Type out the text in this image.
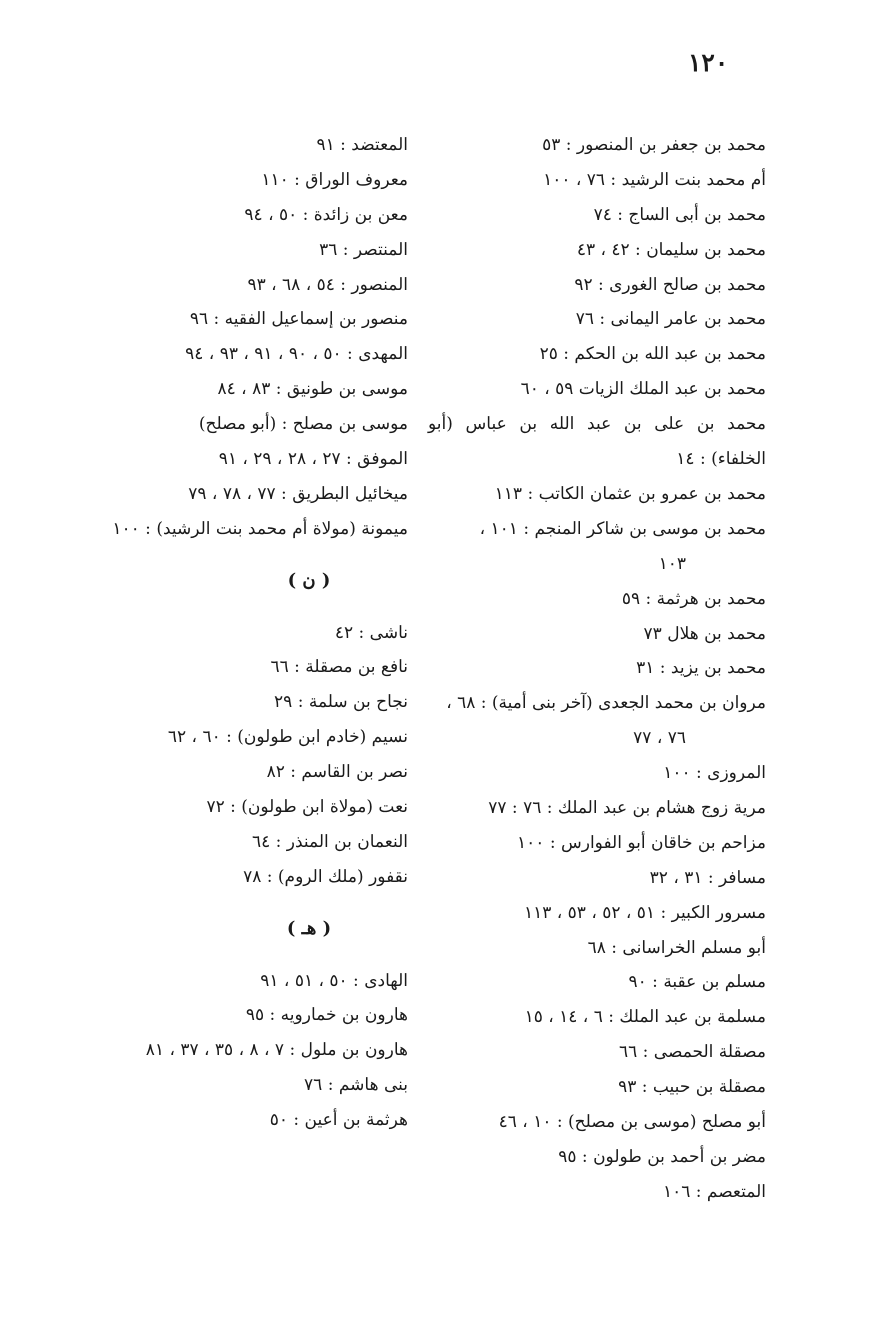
١٢٠

محمد بن جعفر بن المنصور : ٥٣

أم محمد بنت الرشيد : ٧٦ ، ١٠٠

محمد بن أبى الساج : ٧٤

محمد بن سليمان : ٤٢ ، ٤٣

محمد بن صالح الغورى : ٩٢

محمد بن عامر اليمانى : ٧٦

محمد بن عبد الله بن الحكم : ٢٥

محمد بن عبد الملك الزيات ٥٩ ، ٦٠

محمد بن على بن عبد الله بن عباس (أبو الخلفاء) : ١٤

محمد بن عمرو بن عثمان الكاتب : ١١٣

محمد بن موسى بن شاكر المنجم : ١٠١ ،

١٠٣

محمد بن هرثمة : ٥٩

محمد بن هلال ٧٣

محمد بن يزيد : ٣١

مروان بن محمد الجعدى (آخر بنى أمية) : ٦٨ ،

٧٦ ، ٧٧

المروزى : ١٠٠

مرية زوج هشام بن عبد الملك : ٧٦ : ٧٧

مزاحم بن خاقان أبو الفوارس : ١٠٠

مسافر : ٣١ ، ٣٢

مسرور الكبير : ٥١ ، ٥٢ ، ٥٣ ، ١١٣

أبو مسلم الخراسانى : ٦٨

مسلم بن عقبة : ٩٠

مسلمة بن عبد الملك : ٦ ، ١٤ ، ١٥

مصقلة الحمصى : ٦٦

مصقلة بن حبيب : ٩٣

أبو مصلح (موسى بن مصلح) : ١٠ ، ٤٦

مضر بن أحمد بن طولون : ٩٥

المتعصم : ١٠٦

المعتضد : ٩١

معروف الوراق : ١١٠

معن بن زائدة : ٥٠ ، ٩٤

المنتصر : ٣٦

المنصور : ٥٤ ، ٦٨ ، ٩٣

منصور بن إسماعيل الفقيه : ٩٦

المهدى : ٥٠ ، ٩٠ ، ٩١ ، ٩٣ ، ٩٤

موسى بن طونيق : ٨٣ ، ٨٤

موسى بن مصلح : (أبو مصلح)

الموفق : ٢٧ ، ٢٨ ، ٢٩ ، ٩١

ميخائيل البطريق : ٧٧ ، ٧٨ ، ٧٩

ميمونة (مولاة أم محمد بنت الرشيد) : ١٠٠

( ن )

ناشى : ٤٢

نافع بن مصقلة : ٦٦

نجاح بن سلمة : ٢٩

نسيم (خادم ابن طولون) : ٦٠ ، ٦٢

نصر بن القاسم : ٨٢

نعت (مولاة ابن طولون) : ٧٢

النعمان بن المنذر : ٦٤

نقفور (ملك الروم) : ٧٨

( هـ )

الهادى : ٥٠ ، ٥١ ، ٩١

هارون بن خمارويه : ٩٥

هارون بن ملول : ٧ ، ٨ ، ٣٥ ، ٣٧ ، ٨١

بنى هاشم : ٧٦

هرثمة بن أعين : ٥٠
